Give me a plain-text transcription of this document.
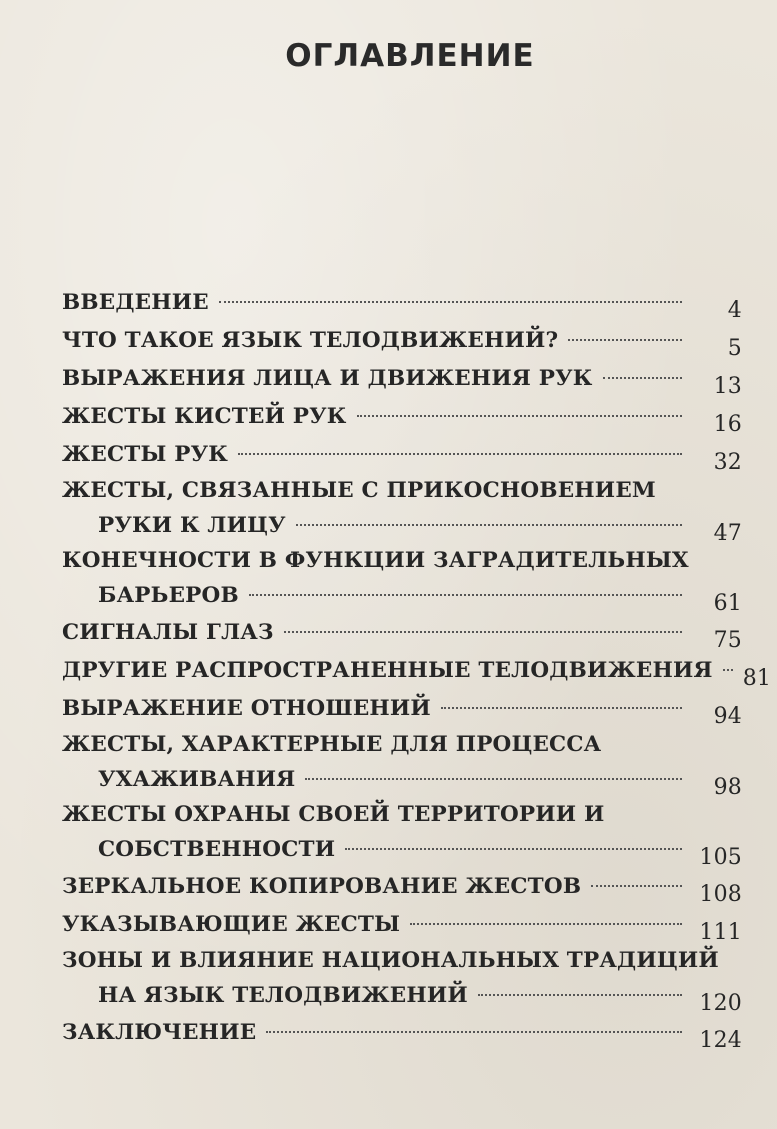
ОГЛАВЛЕНИЕ
ВВЕДЕНИЕ	4
ЧТО ТАКОЕ ЯЗЫК ТЕЛОДВИЖЕНИЙ?	5
ВЫРАЖЕНИЯ ЛИЦА И ДВИЖЕНИЯ РУК	13
ЖЕСТЫ КИСТЕЙ РУК	16
ЖЕСТЫ РУК	32
ЖЕСТЫ, СВЯЗАННЫЕ С ПРИКОСНОВЕНИЕМ
РУКИ К ЛИЦУ	47
КОНЕЧНОСТИ В ФУНКЦИИ ЗАГРАДИТЕЛЬНЫХ
БАРЬЕРОВ	61
СИГНАЛЫ ГЛАЗ	75
ДРУГИЕ РАСПРОСТРАНЕННЫЕ ТЕЛОДВИЖЕНИЯ 81
ВЫРАЖЕНИЕ ОТНОШЕНИЙ	94
ЖЕСТЫ, ХАРАКТЕРНЫЕ ДЛЯ ПРОЦЕССА
УХАЖИВАНИЯ	98
ЖЕСТЫ ОХРАНЫ СВОЕЙ ТЕРРИТОРИИ И
СОБСТВЕННОСТИ	105
ЗЕРКАЛЬНОЕ КОПИРОВАНИЕ ЖЕСТОВ	108
УКАЗЫВАЮЩИЕ ЖЕСТЫ	111
ЗОНЫ И ВЛИЯНИЕ НАЦИОНАЛЬНЫХ ТРАДИЦИЙ
НА ЯЗЫК ТЕЛОДВИЖЕНИЙ	120
ЗАКЛЮЧЕНИЕ	124
